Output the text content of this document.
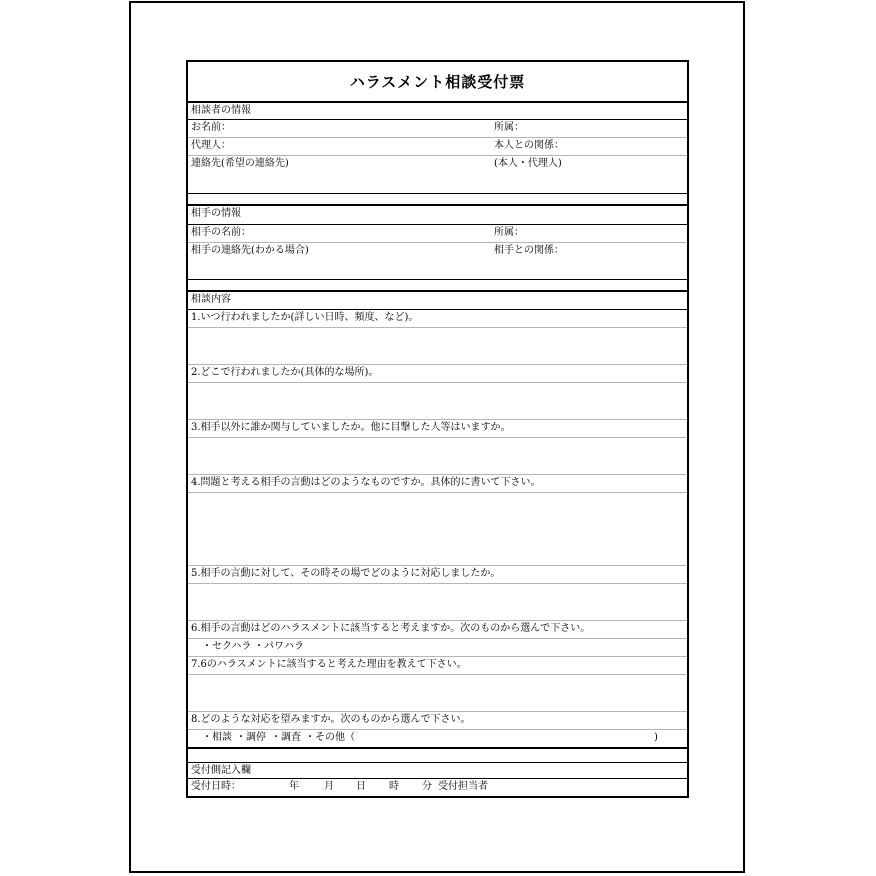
ハラスメント相談受付票
相談者の情報
お名前：	所属：
代理人：	本人との関係：
連絡先(希望の連絡先)	(本人・代理人)
相手の情報
相手の名前：	所属：
相手の連絡先(わかる場合)	相手との関係：
相談内容
1.いつ行われましたか(詳しい日時、頻度、など)。
2.どこで行われましたか(具体的な場所)。
3.相手以外に誰か関与していましたか。他に目撃した人等はいますか。
4.問題と考える相手の言動はどのようなものですか。具体的に書いて下さい。
5.相手の言動に対して、その時その場でどのように対応しましたか。
6.相手の言動はどのハラスメントに該当すると考えますか。次のものから選んで下さい。
・セクハラ ・パワハラ
7.6のハラスメントに該当すると考えた理由を教えて下さい。
8.どのような対応を望みますか。次のものから選んで下さい。
・相談 ・調停 ・調査 ・その他（	)
受付側記入欄
受付日時：	年	月 日 時 分 受付担当者
